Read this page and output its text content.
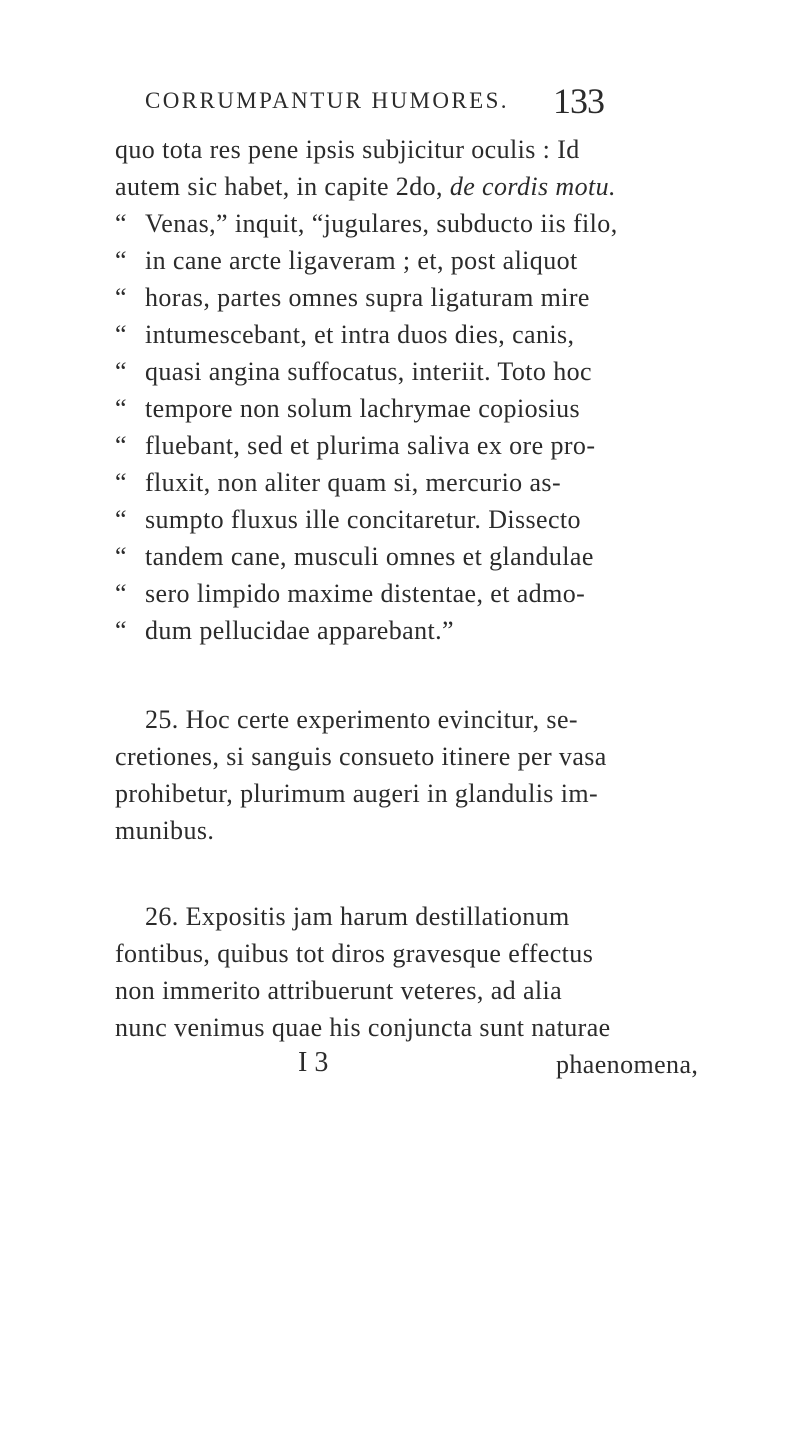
CORRUMPANTUR HUMORES. 133
quo tota res pene ipsis subjicitur oculis : Id
autem sic habet, in capite 2do, de cordis motu.
“ Venas,” inquit, “jugulares, subducto iis filo,
“ in cane arcte ligaveram ; et, post aliquot
“ horas, partes omnes supra ligaturam mire
“ intumescebant, et intra duos dies, canis,
“ quasi angina suffocatus, interiit. Toto hoc
“ tempore non solum lachrymae copiosius
“ fluebant, sed et plurima saliva ex ore pro-
“ fluxit, non aliter quam si, mercurio as-
“ sumpto fluxus ille concitaretur. Dissecto
“ tandem cane, musculi omnes et glandulae
“ sero limpido maxime distentae, et admo-
“ dum pellucidae apparebant.”
25. Hoc certe experimento evincitur, se-
cretiones, si sanguis consueto itinere per vasa
prohibetur, plurimum augeri in glandulis im-
munibus.
26. Expositis jam harum destillationum
fontibus, quibus tot diros gravesque effectus
non immerito attribuerunt veteres, ad alia
nunc venimus quae his conjuncta sunt naturae
I 3	phaenomena,
